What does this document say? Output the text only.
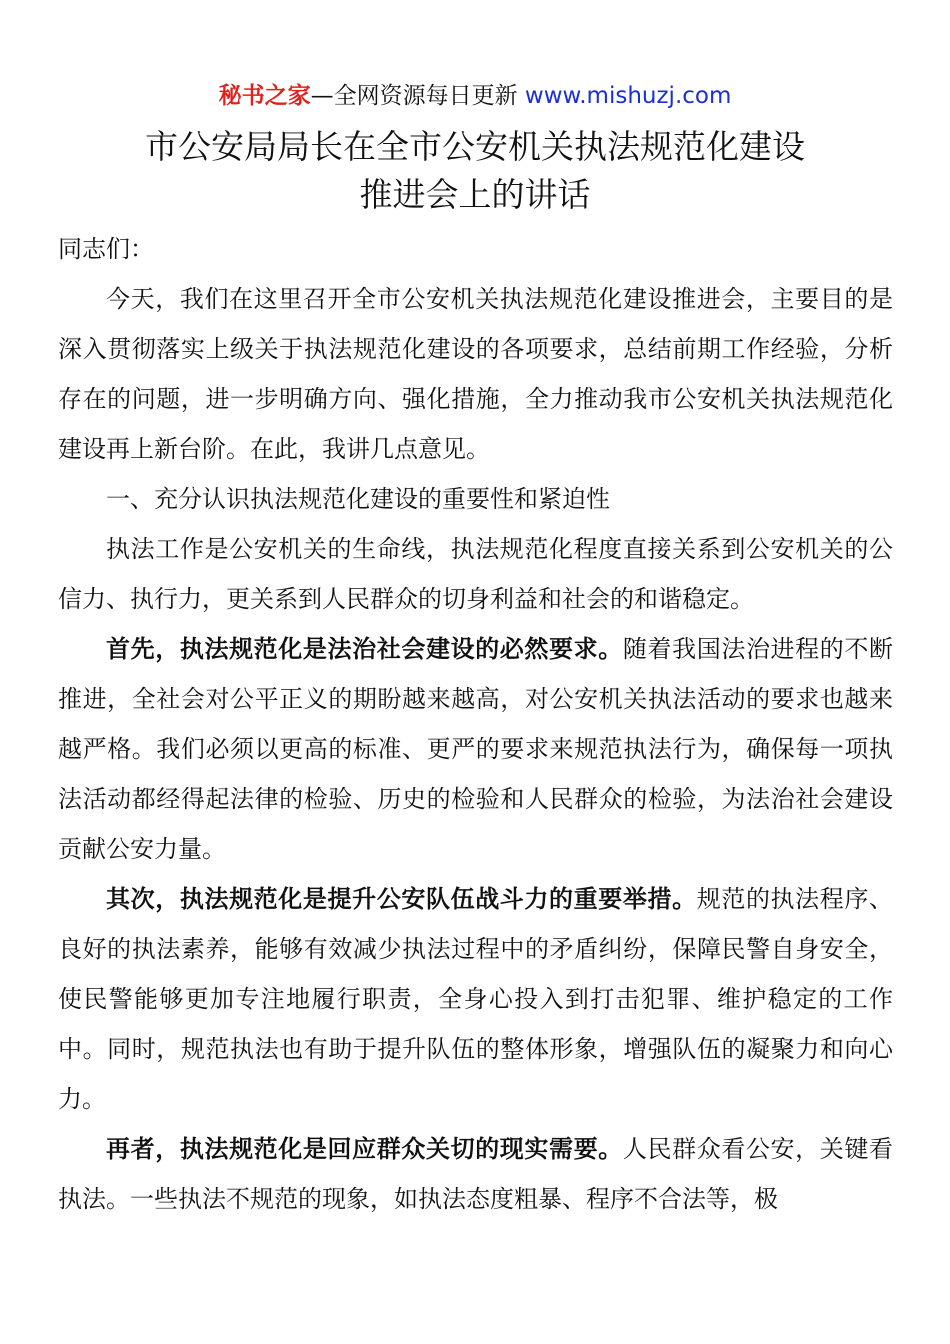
秘书之家—全网资源每日更新 www.mishuzj.com
市公安局局长在全市公安机关执法规范化建设
推进会上的讲话

同志们：

今天，我们在这里召开全市公安机关执法规范化建设推进会，主要目的是深入贯彻落实上级关于执法规范化建设的各项要求，总结前期工作经验，分析存在的问题，进一步明确方向、强化措施，全力推动我市公安机关执法规范化建设再上新台阶。在此，我讲几点意见。

一、充分认识执法规范化建设的重要性和紧迫性

执法工作是公安机关的生命线，执法规范化程度直接关系到公安机关的公信力、执行力，更关系到人民群众的切身利益和社会的和谐稳定。

首先，执法规范化是法治社会建设的必然要求。随着我国法治进程的不断推进，全社会对公平正义的期盼越来越高，对公安机关执法活动的要求也越来越严格。我们必须以更高的标准、更严的要求来规范执法行为，确保每一项执法活动都经得起法律的检验、历史的检验和人民群众的检验，为法治社会建设贡献公安力量。

其次，执法规范化是提升公安队伍战斗力的重要举措。规范的执法程序、良好的执法素养，能够有效减少执法过程中的矛盾纠纷，保障民警自身安全，使民警能够更加专注地履行职责，全身心投入到打击犯罪、维护稳定的工作中。同时，规范执法也有助于提升队伍的整体形象，增强队伍的凝聚力和向心力。

再者，执法规范化是回应群众关切的现实需要。人民群众看公安，关键看执法。一些执法不规范的现象，如执法态度粗暴、程序不合法等，极
